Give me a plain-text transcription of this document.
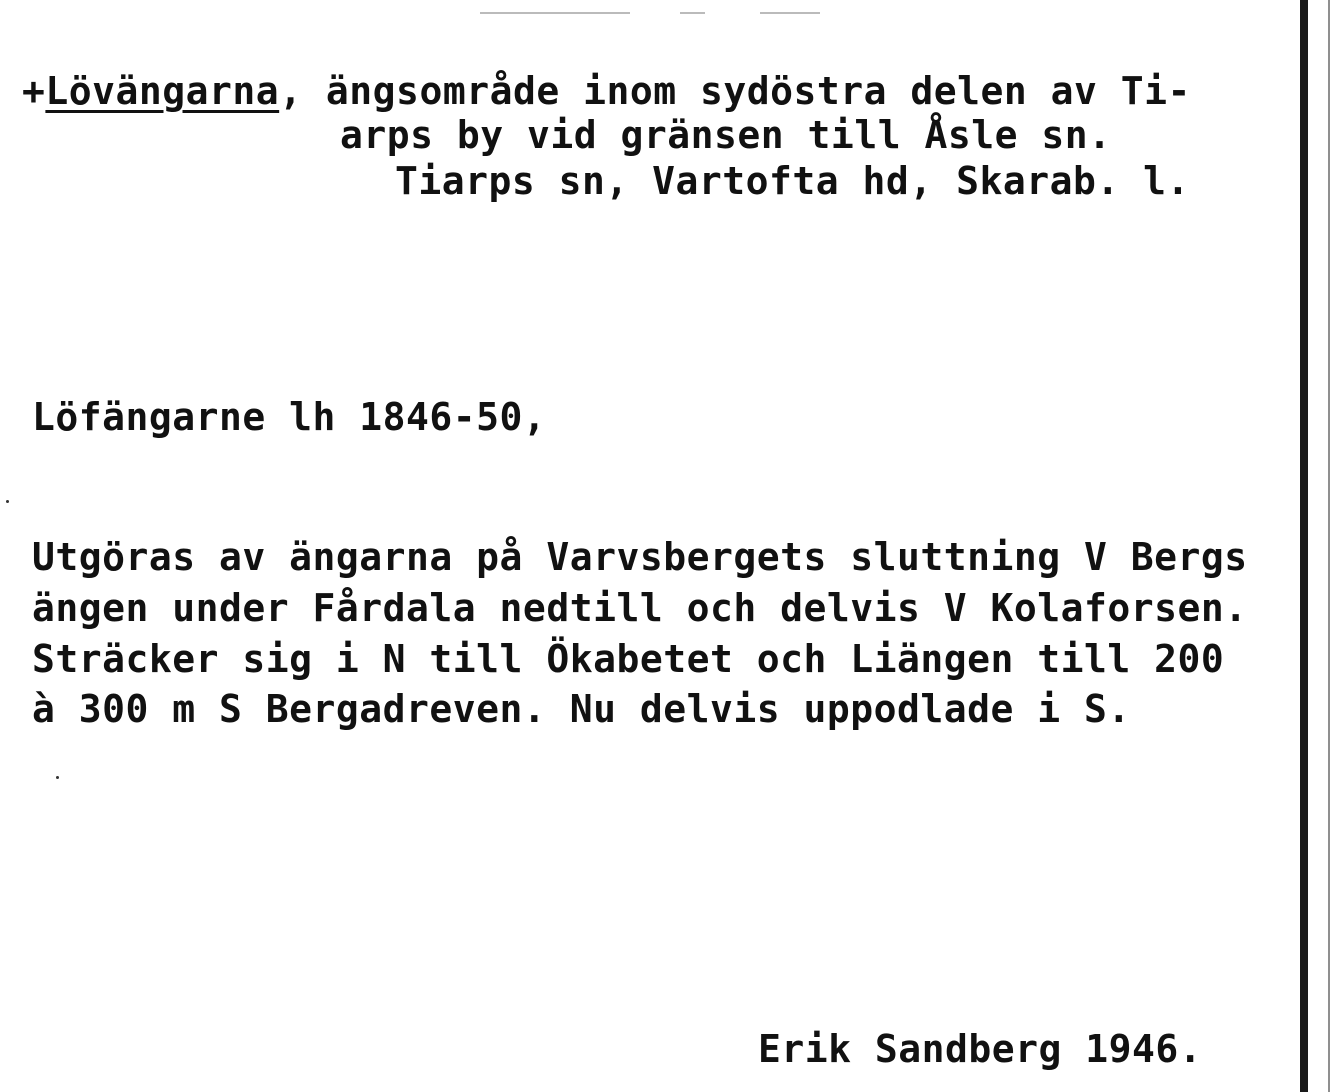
+Lövängarna, ängsområde inom sydöstra delen av Ti-
arps by vid gränsen till Åsle sn.
Tiarps sn, Vartofta hd, Skarab. l.
Löfängarne lh 1846-50,
Utgöras av ängarna på Varvsbergets sluttning V Bergs
ängen under Fårdala nedtill och delvis V Kolaforsen.
Sträcker sig i N till Ökabetet och Liängen till 200
à 300 m S Bergadreven. Nu delvis uppodlade i S.
Erik Sandberg 1946.
